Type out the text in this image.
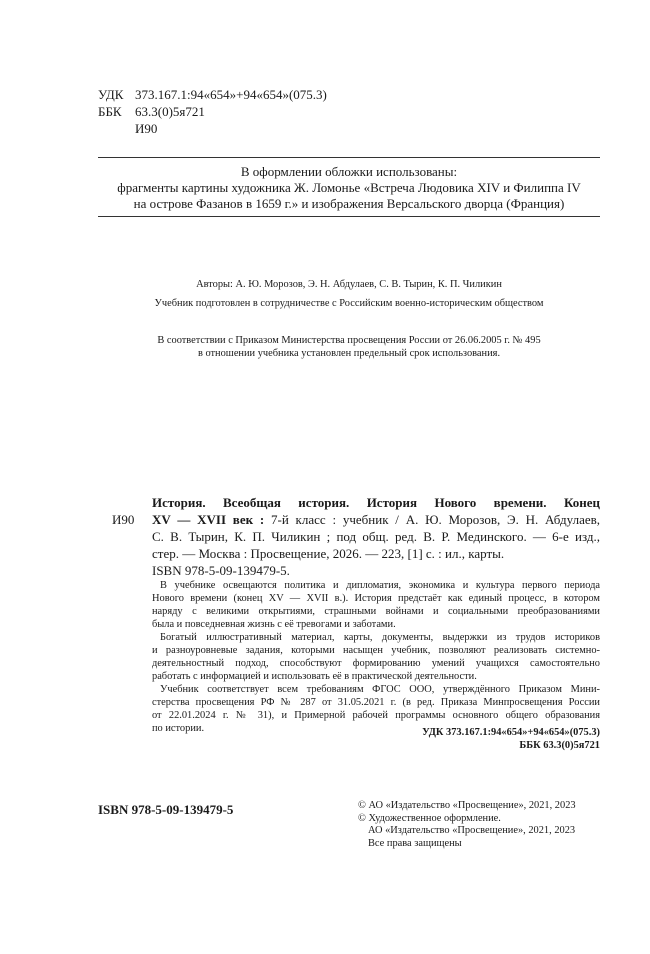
УДК 373.167.1:94«654»+94«654»(075.3)
ББК 63.3(0)5я721
И90
В оформлении обложки использованы:
фрагменты картины художника Ж. Ломонье «Встреча Людовика XIV и Филиппа IV
на острове Фазанов в 1659 г.» и изображения Версальского дворца (Франция)
Авторы: А. Ю. Морозов, Э. Н. Абдулаев, С. В. Тырин, К. П. Чиликин
Учебник подготовлен в сотрудничестве с Российским военно-историческим обществом
В соответствии с Приказом Министерства просвещения России от 26.06.2005 г. № 495
в отношении учебника установлен предельный срок использования.
И90
История. Всеобщая история. История Нового времени. Конец
XV — XVII век : 7-й класс : учебник / А. Ю. Морозов, Э. Н. Абдулаев,
С. В. Тырин, К. П. Чиликин ; под общ. ред. В. Р. Мединского. — 6-е изд.,
стер. — Москва : Просвещение, 2026. — 223, [1] с. : ил., карты.
ISBN 978-5-09-139479-5.

В учебнике освещаются политика и дипломатия, экономика и культура первого периода
Нового времени (конец XV — XVII в.). История предстаёт как единый процесс, в котором
наряду с великими открытиями, страшными войнами и социальными преобразованиями
была и повседневная жизнь с её тревогами и заботами.

Богатый иллюстративный материал, карты, документы, выдержки из трудов историков
и разноуровневые задания, которыми насыщен учебник, позволяют реализовать системно-
деятельностный подход, способствуют формированию умений учащихся самостоятельно
работать с информацией и использовать её в практической деятельности.

Учебник соответствует всем требованиям ФГОС ООО, утверждённого Приказом Мини-
стерства просвещения РФ № 287 от 31.05.2021 г. (в ред. Приказа Минпросвещения России
от 22.01.2024 г. № 31), и Примерной рабочей программы основного общего образования
по истории.	УДК 373.167.1:94«654»+94«654»(075.3)
ББК 63.3(0)5я721
ISBN 978-5-09-139479-5	© АО «Издательство «Просвещение», 2021, 2023
© Художественное оформление.
АО «Издательство «Просвещение», 2021, 2023
Все права защищены
